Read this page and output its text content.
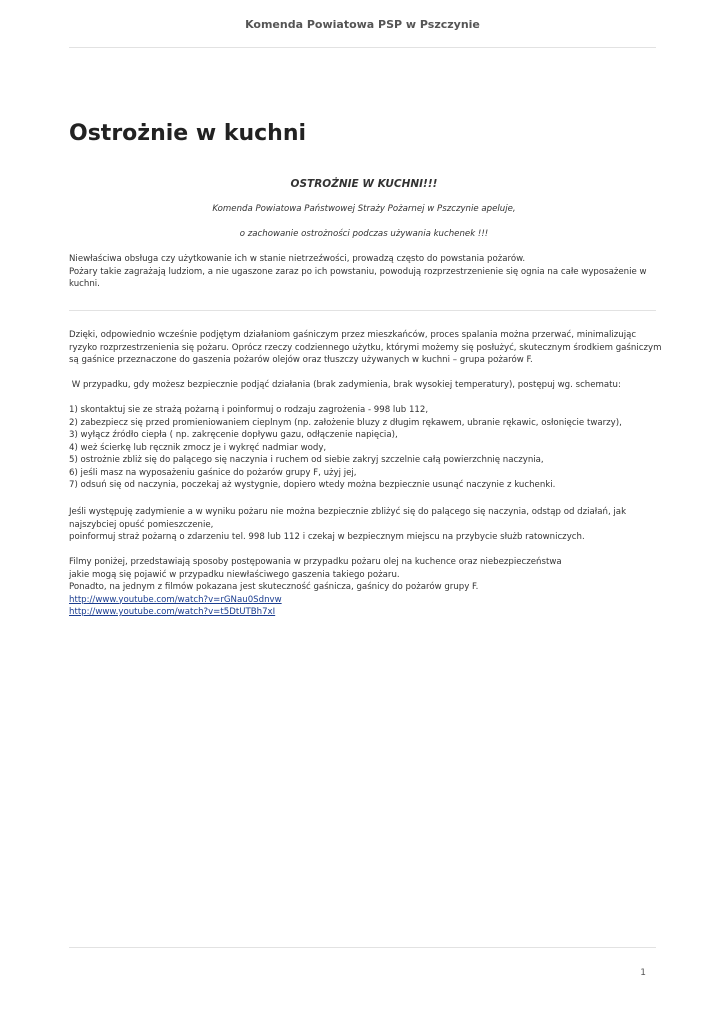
Komenda Powiatowa PSP w Pszczynie
Ostrożnie w kuchni
OSTROŻNIE W KUCHNI!!!
Komenda Powiatowa Państwowej Straży Pożarnej w Pszczynie apeluje,
o zachowanie ostrożności podczas używania kuchenek !!!
Niewłaściwa obsługa czy użytkowanie ich w stanie nietrzeźwości, prowadzą często do powstania pożarów.
Pożary takie zagrażają ludziom, a nie ugaszone zaraz po ich powstaniu, powodują rozprzestrzenienie się ognia na całe wyposażenie w
kuchni.
Dzięki, odpowiednio wcześnie podjętym działaniom gaśniczym przez mieszkańców, proces spalania można przerwać, minimalizując
ryzyko rozprzestrzenienia się pożaru. Oprócz rzeczy codziennego użytku, którymi możemy się posłużyć, skutecznym środkiem gaśniczym
są gaśnice przeznaczone do gaszenia pożarów olejów oraz tłuszczy używanych w kuchni – grupa pożarów F.
W przypadku, gdy możesz bezpiecznie podjąć działania (brak zadymienia, brak wysokiej temperatury), postępuj wg. schematu:
1) skontaktuj sie ze strażą pożarną i poinformuj o rodzaju zagrożenia - 998 lub 112,
2) zabezpiecz się przed promieniowaniem cieplnym (np. założenie bluzy z długim rękawem, ubranie rękawic, osłonięcie twarzy),
3) wyłącz źródło ciepła ( np. zakręcenie dopływu gazu, odłączenie napięcia),
4) weż ścierkę lub ręcznik zmocz je i wykręć nadmiar wody,
5) ostrożnie zbliż się do palącego się naczynia i ruchem od siebie zakryj szczelnie całą powierzchnię naczynia,
6) jeśli masz na wyposażeniu gaśnice do pożarów grupy F, użyj jej,
7) odsuń się od naczynia, poczekaj aż wystygnie, dopiero wtedy można bezpiecznie usunąć naczynie z kuchenki.
Jeśli występuję zadymienie a w wyniku pożaru nie można bezpiecznie zbliżyć się do palącego się naczynia, odstąp od działań, jak
najszybciej opuść pomieszczenie,
poinformuj straż pożarną o zdarzeniu tel. 998 lub 112 i czekaj w bezpiecznym miejscu na przybycie służb ratowniczych.
Filmy poniżej, przedstawiają sposoby postępowania w przypadku pożaru olej na kuchence oraz niebezpieczeństwa
jakie mogą się pojawić w przypadku niewłaściwego gaszenia takiego pożaru.
Ponadto, na jednym z filmów pokazana jest skuteczność gaśnicza, gaśnicy do pożarów grupy F.
http://www.youtube.com/watch?v=rGNau0Sdnvw
http://www.youtube.com/watch?v=t5DtUTBh7xI
1
